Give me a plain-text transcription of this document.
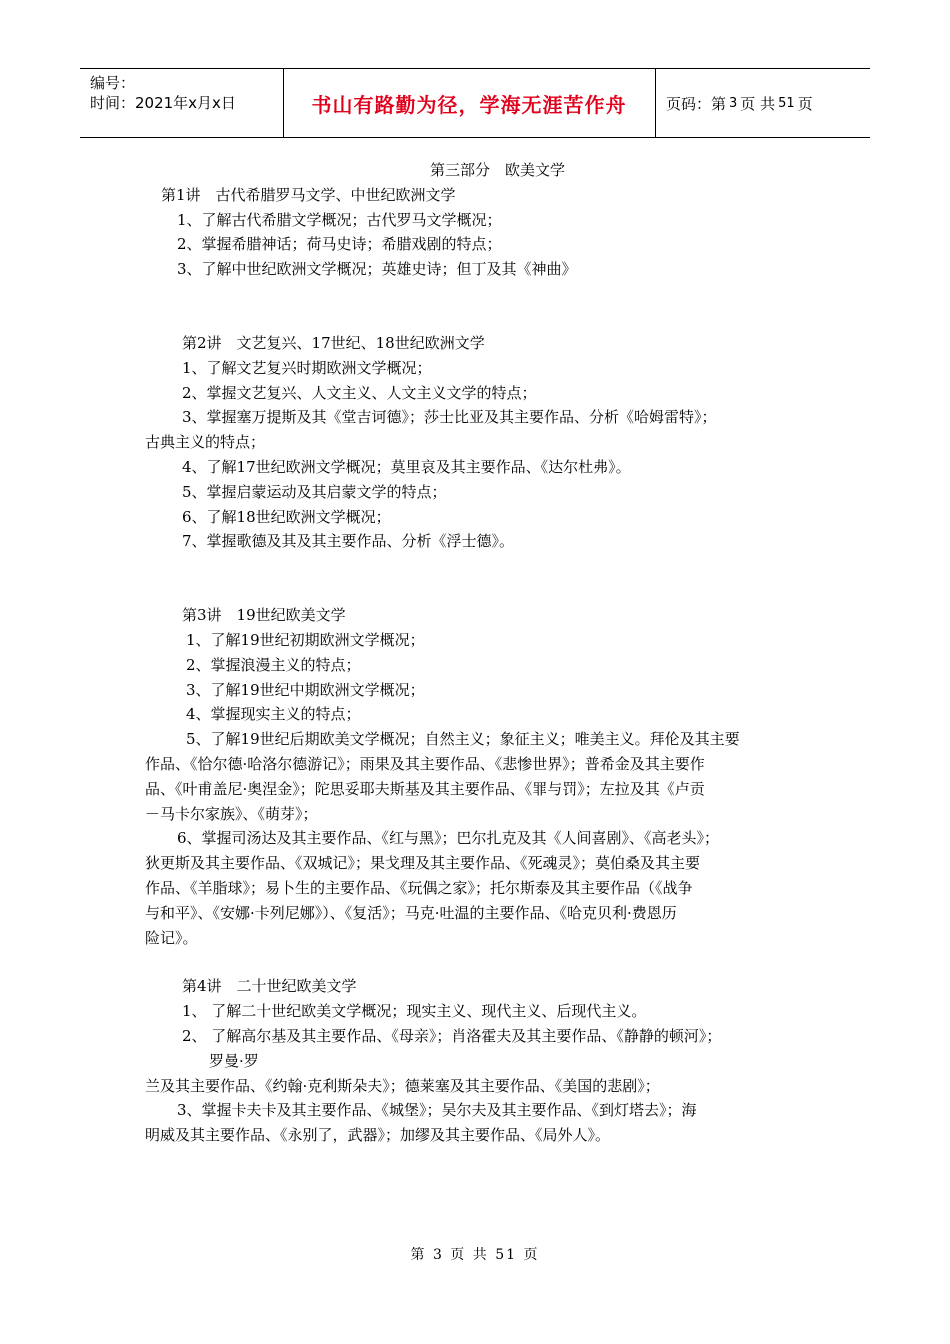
编号：
时间：2021年x月x日	书山有路勤为径，学海无涯苦作舟	页码：第 3 页 共 51 页
第三部分　欧美文学
第1讲　古代希腊罗马文学、中世纪欧洲文学
1、了解古代希腊文学概况；古代罗马文学概况；
2、掌握希腊神话；荷马史诗；希腊戏剧的特点；
3、了解中世纪欧洲文学概况；英雄史诗；但丁及其《神曲》
第2讲　文艺复兴、17世纪、18世纪欧洲文学
1、了解文艺复兴时期欧洲文学概况；
2、掌握文艺复兴、人文主义、人文主义文学的特点；
3、掌握塞万提斯及其《堂吉诃德》；莎士比亚及其主要作品、分析《哈姆雷特》；
古典主义的特点；
4、了解17世纪欧洲文学概况；莫里哀及其主要作品、《达尔杜弗》。
5、掌握启蒙运动及其启蒙文学的特点；
6、了解18世纪欧洲文学概况；
7、掌握歌德及其及其主要作品、分析《浮士德》。
第3讲　19世纪欧美文学
1、了解19世纪初期欧洲文学概况；
2、掌握浪漫主义的特点；
3、了解19世纪中期欧洲文学概况；
4、掌握现实主义的特点；
5、了解19世纪后期欧美文学概况；自然主义；象征主义；唯美主义。拜伦及其主要
作品、《恰尔德·哈洛尔德游记》；雨果及其主要作品、《悲惨世界》；普希金及其主要作
品、《叶甫盖尼·奥涅金》；陀思妥耶夫斯基及其主要作品、《罪与罚》；左拉及其《卢贡
－马卡尔家族》、《萌芽》；
6、掌握司汤达及其主要作品、《红与黑》；巴尔扎克及其《人间喜剧》、《高老头》；
狄更斯及其主要作品、《双城记》；果戈理及其主要作品、《死魂灵》；莫伯桑及其主要
作品、《羊脂球》；易卜生的主要作品、《玩偶之家》；托尔斯泰及其主要作品（《战争
与和平》、《安娜·卡列尼娜》）、《复活》；马克·吐温的主要作品、《哈克贝利·费恩历
险记》。
第4讲　二十世纪欧美文学
1、 了解二十世纪欧美文学概况；现实主义、现代主义、后现代主义。
2、 了解高尔基及其主要作品、《母亲》；肖洛霍夫及其主要作品、《静静的顿河》；
罗曼·罗
兰及其主要作品、《约翰·克利斯朵夫》；德莱塞及其主要作品、《美国的悲剧》；
3、掌握卡夫卡及其主要作品、《城堡》；吴尔夫及其主要作品、《到灯塔去》；海
明威及其主要作品、《永别了，武器》；加缪及其主要作品、《局外人》。
第 3 页 共 51 页
